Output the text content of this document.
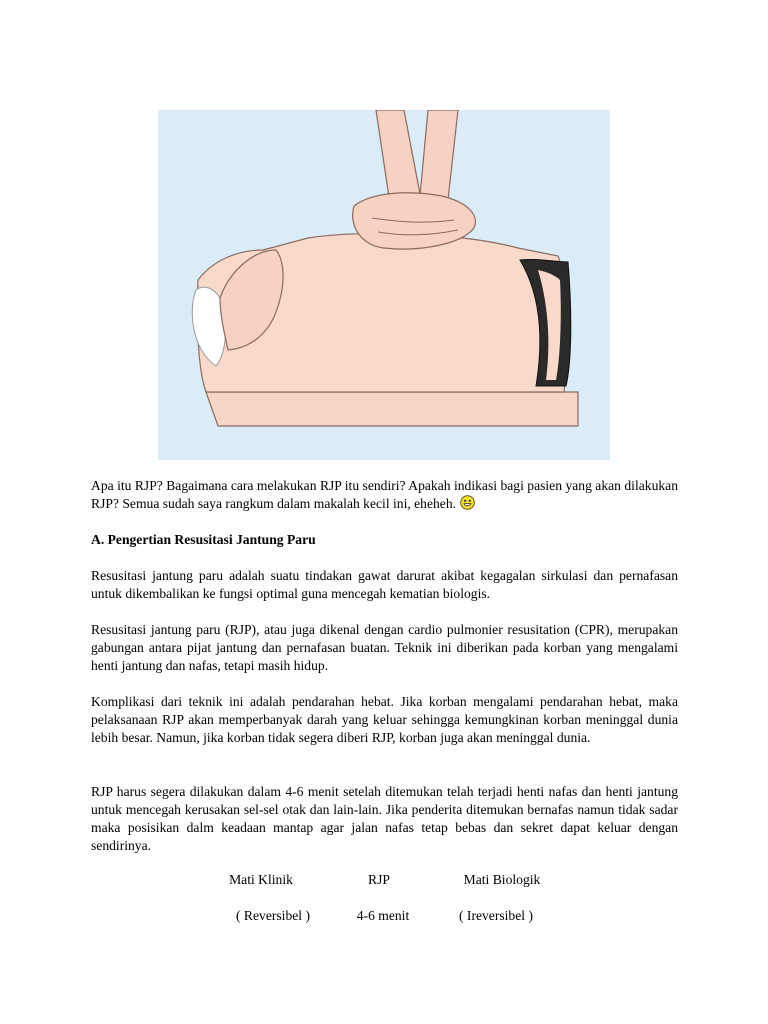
Apa itu RJP? Bagaimana cara melakukan RJP itu sendiri? Apakah indikasi bagi pasien yang akan dilakukan RJP? Semua sudah saya rangkum dalam makalah kecil ini, eheheh.
A. Pengertian Resusitasi Jantung Paru
Resusitasi jantung paru adalah suatu tindakan gawat darurat akibat kegagalan sirkulasi dan pernafasan untuk dikembalikan ke fungsi optimal guna mencegah kematian biologis.
Resusitasi jantung paru (RJP), atau juga dikenal dengan cardio pulmonier resusitation (CPR), merupakan gabungan antara pijat jantung dan pernafasan buatan. Teknik ini diberikan pada korban yang mengalami henti jantung dan nafas, tetapi masih hidup.
Komplikasi dari teknik ini adalah pendarahan hebat. Jika korban mengalami pendarahan hebat, maka pelaksanaan RJP akan memperbanyak darah yang keluar sehingga kemungkinan korban meninggal dunia lebih besar. Namun, jika korban tidak segera diberi RJP, korban juga akan meninggal dunia.
RJP harus segera dilakukan dalam 4-6 menit setelah ditemukan telah terjadi henti nafas dan henti jantung untuk mencegah kerusakan sel-sel otak dan lain-lain. Jika penderita ditemukan bernafas namun tidak sadar maka posisikan dalm keadaan mantap agar jalan nafas tetap bebas dan sekret dapat keluar dengan sendirinya.
Mati Klinik	RJP	Mati Biologik
( Reversibel )	4-6 menit	( Ireversibel )
